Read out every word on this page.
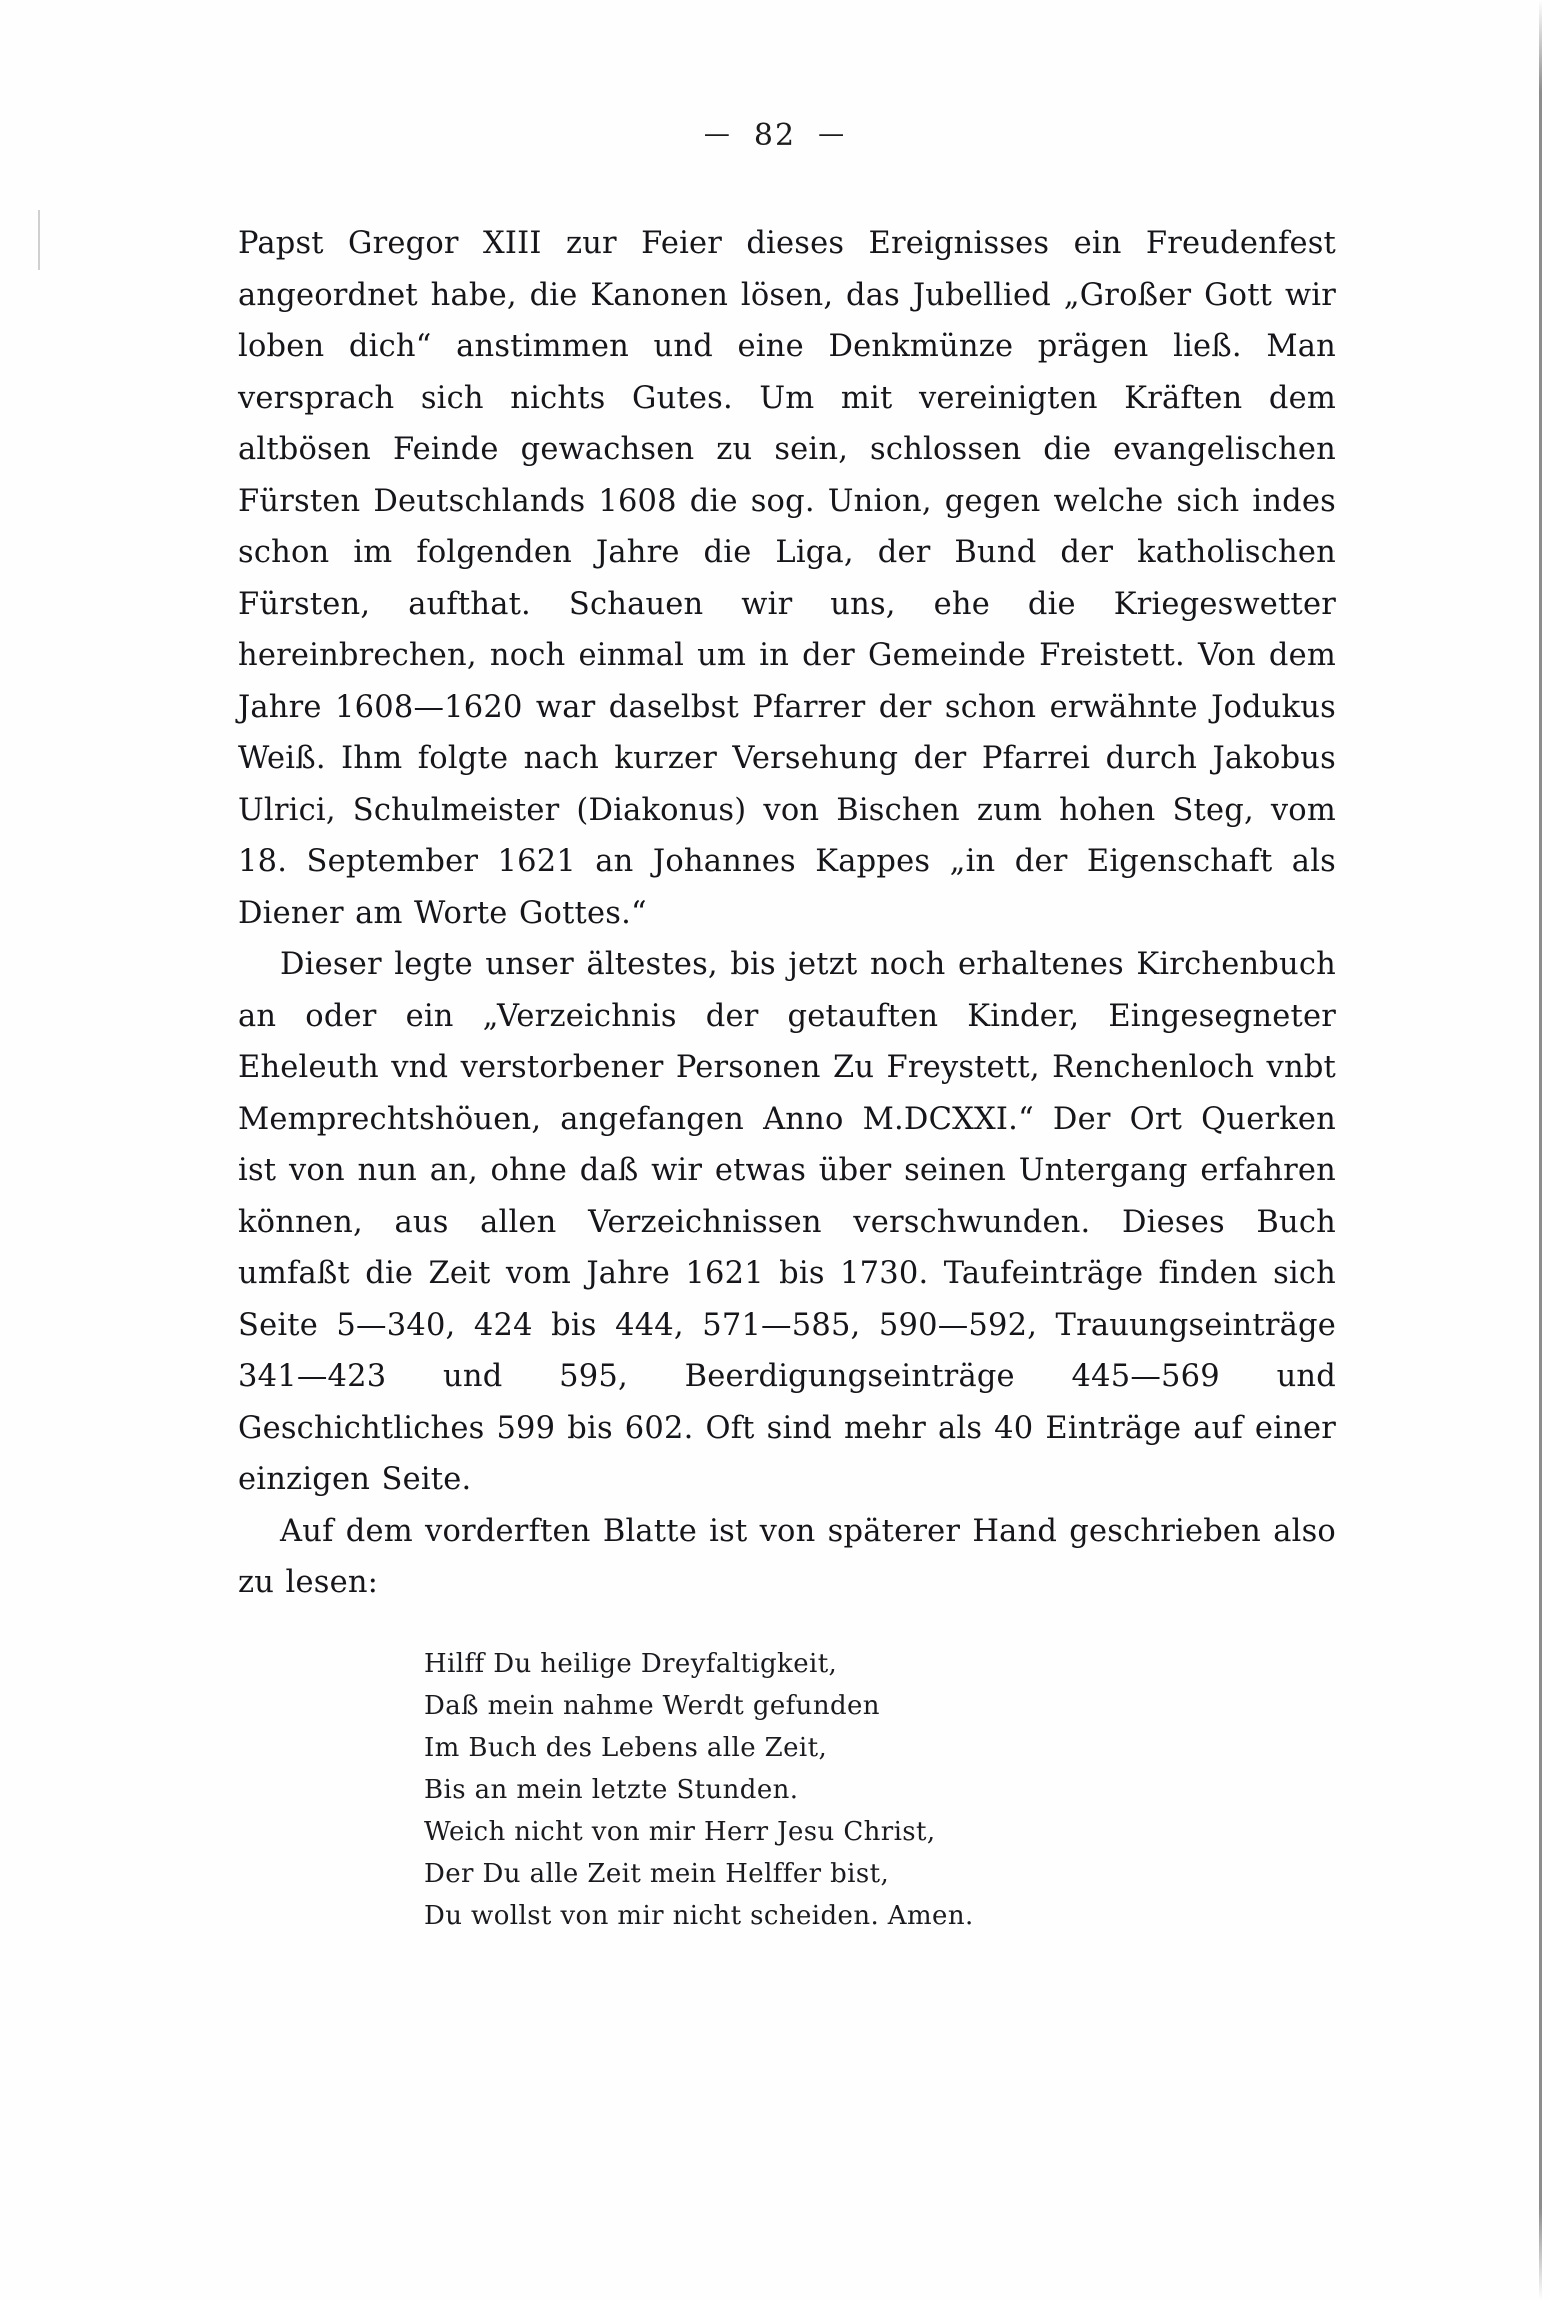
— 82 —

Papst Gregor XIII zur Feier dieses Ereignisses ein Freudenfest angeordnet habe, die Kanonen lösen, das Jubellied „Großer Gott wir loben dich“ anstimmen und eine Denkmünze prägen ließ. Man versprach sich nichts Gutes. Um mit vereinigten Kräften dem altbösen Feinde gewachsen zu sein, schlossen die evangelischen Fürsten Deutschlands 1608 die sog. Union, gegen welche sich indes schon im folgenden Jahre die Liga, der Bund der katholischen Fürsten, aufthat. Schauen wir uns, ehe die Kriegeswetter hereinbrechen, noch einmal um in der Gemeinde Freistett. Von dem Jahre 1608—1620 war daselbst Pfarrer der schon erwähnte Jodukus Weiß. Ihm folgte nach kurzer Versehung der Pfarrei durch Jakobus Ulrici, Schulmeister (Diakonus) von Bischen zum hohen Steg, vom 18. September 1621 an Johannes Kappes „in der Eigenschaft als Diener am Worte Gottes.“

Dieser legte unser ältestes, bis jetzt noch erhaltenes Kirchenbuch an oder ein „Verzeichnis der getauften Kinder, Eingesegneter Eheleuth vnd verstorbener Personen Zu Freystett, Renchenloch vnbt Memprechtshöuen, angefangen Anno M.DCXXI.“ Der Ort Querken ist von nun an, ohne daß wir etwas über seinen Untergang erfahren können, aus allen Verzeichnissen verschwunden. Dieses Buch umfaßt die Zeit vom Jahre 1621 bis 1730. Taufeinträge finden sich Seite 5—340, 424 bis 444, 571—585, 590—592, Trauungseinträge 341—423 und 595, Beerdigungseinträge 445—569 und Geschichtliches 599 bis 602. Oft sind mehr als 40 Einträge auf einer einzigen Seite.

Auf dem vorderften Blatte ist von späterer Hand geschrieben also zu lesen:

Hilff Du heilige Dreyfaltigkeit,
Daß mein nahme Werdt gefunden
Im Buch des Lebens alle Zeit,
Bis an mein letzte Stunden.
Weich nicht von mir Herr Jesu Christ,
Der Du alle Zeit mein Helffer bist,
Du wollst von mir nicht scheiden. Amen.
